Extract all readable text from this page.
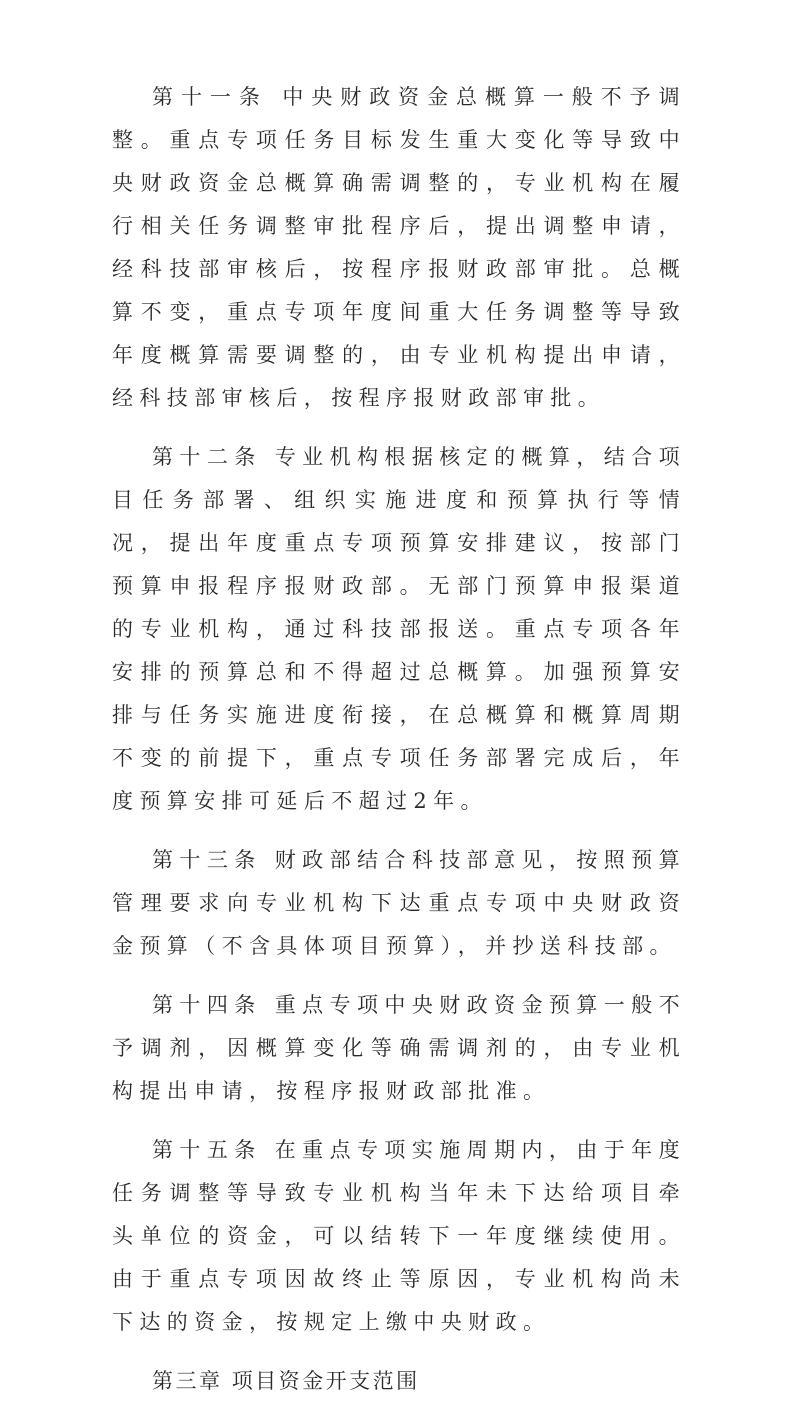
第十一条 中央财政资金总概算一般不予调整。重点专项任务目标发生重大变化等导致中央财政资金总概算确需调整的，专业机构在履行相关任务调整审批程序后，提出调整申请，经科技部审核后，按程序报财政部审批。总概算不变，重点专项年度间重大任务调整等导致年度概算需要调整的，由专业机构提出申请，经科技部审核后，按程序报财政部审批。

第十二条 专业机构根据核定的概算，结合项目任务部署、组织实施进度和预算执行等情况，提出年度重点专项预算安排建议，按部门预算申报程序报财政部。无部门预算申报渠道的专业机构，通过科技部报送。重点专项各年安排的预算总和不得超过总概算。加强预算安排与任务实施进度衔接，在总概算和概算周期不变的前提下，重点专项任务部署完成后，年度预算安排可延后不超过2年。

第十三条 财政部结合科技部意见，按照预算管理要求向专业机构下达重点专项中央财政资金预算（不含具体项目预算），并抄送科技部。

第十四条 重点专项中央财政资金预算一般不予调剂，因概算变化等确需调剂的，由专业机构提出申请，按程序报财政部批准。

第十五条 在重点专项实施周期内，由于年度任务调整等导致专业机构当年未下达给项目牵头单位的资金，可以结转下一年度继续使用。由于重点专项因故终止等原因，专业机构尚未下达的资金，按规定上缴中央财政。

第三章 项目资金开支范围
